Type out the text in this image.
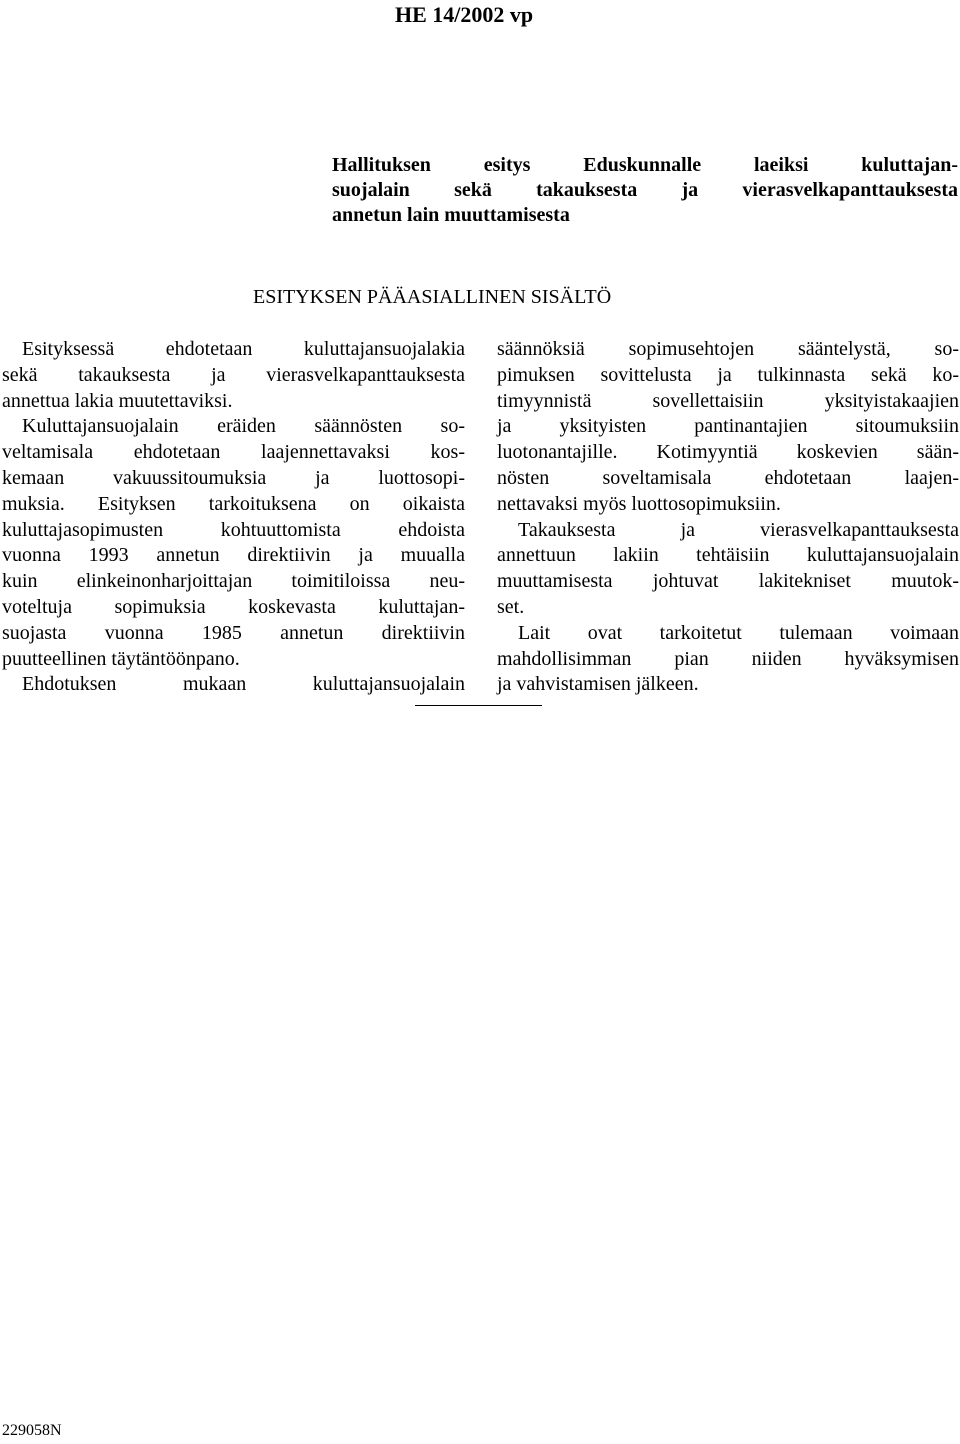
HE 14/2002 vp
Hallituksen esitys Eduskunnalle laeiksi kuluttajan-
suojalain sekä takauksesta ja vierasvelkapanttauksesta
annetun lain muuttamisesta
ESITYKSEN PÄÄASIALLINEN SISÄLTÖ
Esityksessä ehdotetaan kuluttajansuojalakia
sekä takauksesta ja vierasvelkapanttauksesta
annettua lakia muutettaviksi.
Kuluttajansuojalain eräiden säännösten so-
veltamisala ehdotetaan laajennettavaksi kos-
kemaan vakuussitoumuksia ja luottosopi-
muksia. Esityksen tarkoituksena on oikaista
kuluttajasopimusten kohtuuttomista ehdoista
vuonna 1993 annetun direktiivin ja muualla
kuin elinkeinonharjoittajan toimitiloissa neu-
voteltuja sopimuksia koskevasta kuluttajan-
suojasta vuonna 1985 annetun direktiivin
puutteellinen täytäntöönpano.
Ehdotuksen mukaan kuluttajansuojalain
säännöksiä sopimusehtojen sääntelystä, so-
pimuksen sovittelusta ja tulkinnasta sekä ko-
timyynnistä sovellettaisiin yksityistakaajien
ja yksityisten pantinantajien sitoumuksiin
luotonantajille. Kotimyyntiä koskevien sään-
nösten soveltamisala ehdotetaan laajen-
nettavaksi myös luottosopimuksiin.
Takauksesta ja vierasvelkapanttauksesta
annettuun lakiin tehtäisiin kuluttajansuojalain
muuttamisesta johtuvat lakitekniset muutok-
set.
Lait ovat tarkoitetut tulemaan voimaan
mahdollisimman pian niiden hyväksymisen
ja vahvistamisen jälkeen.
229058N
